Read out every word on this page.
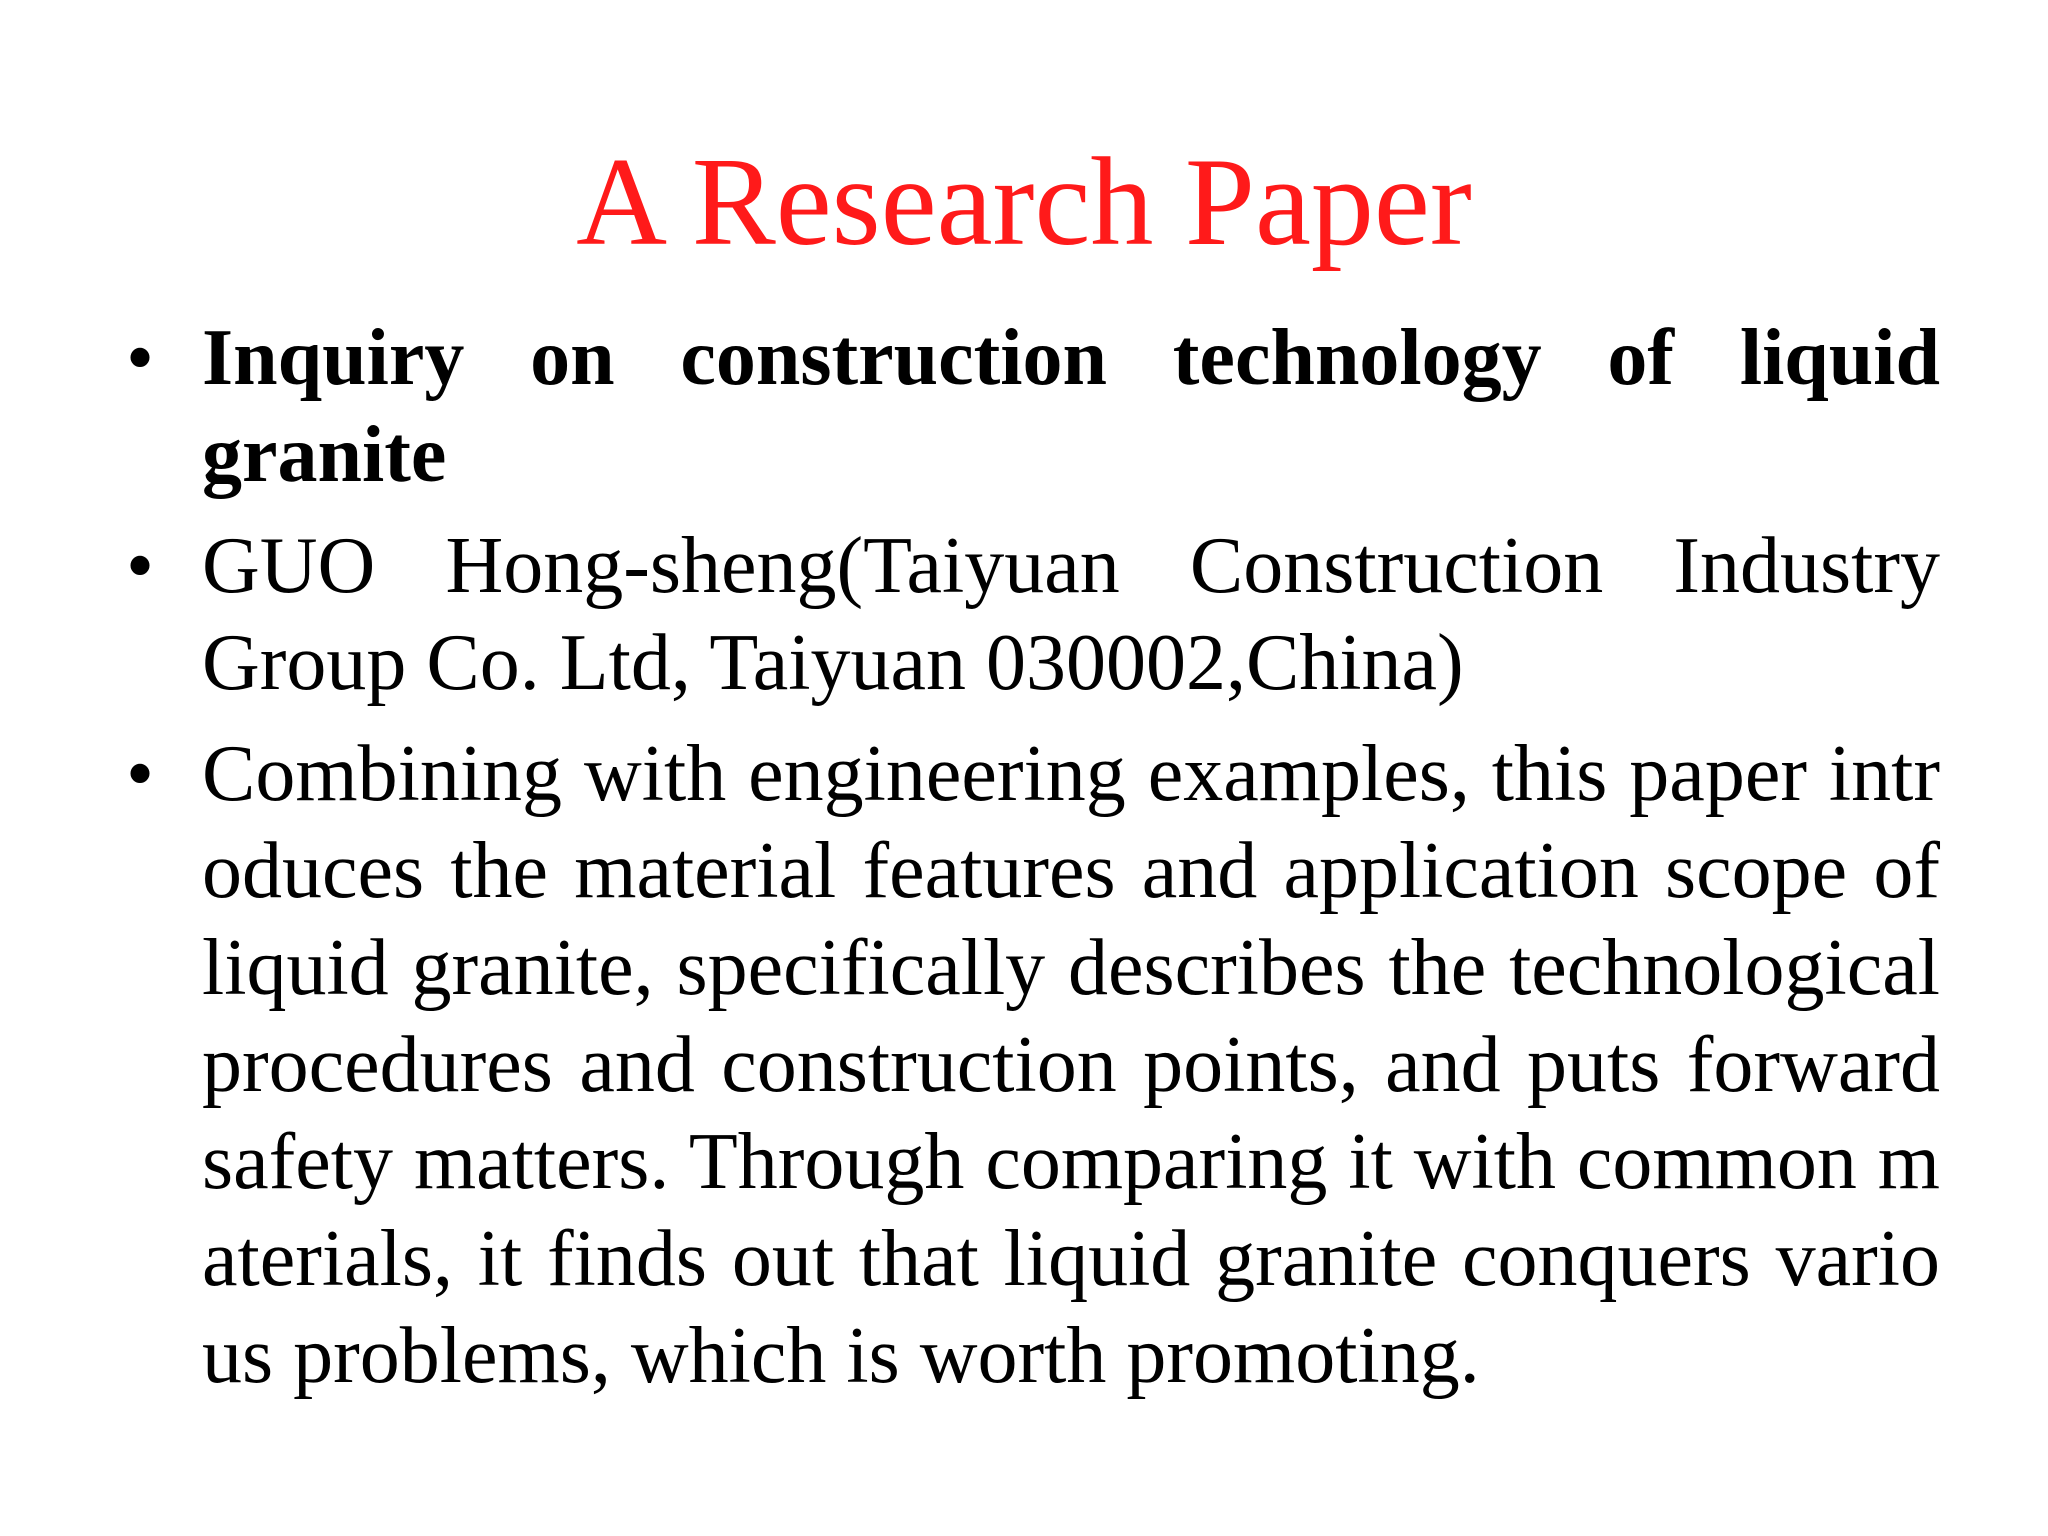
A Research Paper
• Inquiry on construction technology of liquid granite
• GUO Hong-sheng(Taiyuan Construction Industry Group Co. Ltd, Taiyuan 030002,China)
• Combining with engineering examples, this paper intr oduces the material features and application scope of liquid granite, specifically describes the technological procedures and construction points, and puts forward safety matters. Through comparing it with common m aterials, it finds out that liquid granite conquers vario us problems, which is worth promoting.
